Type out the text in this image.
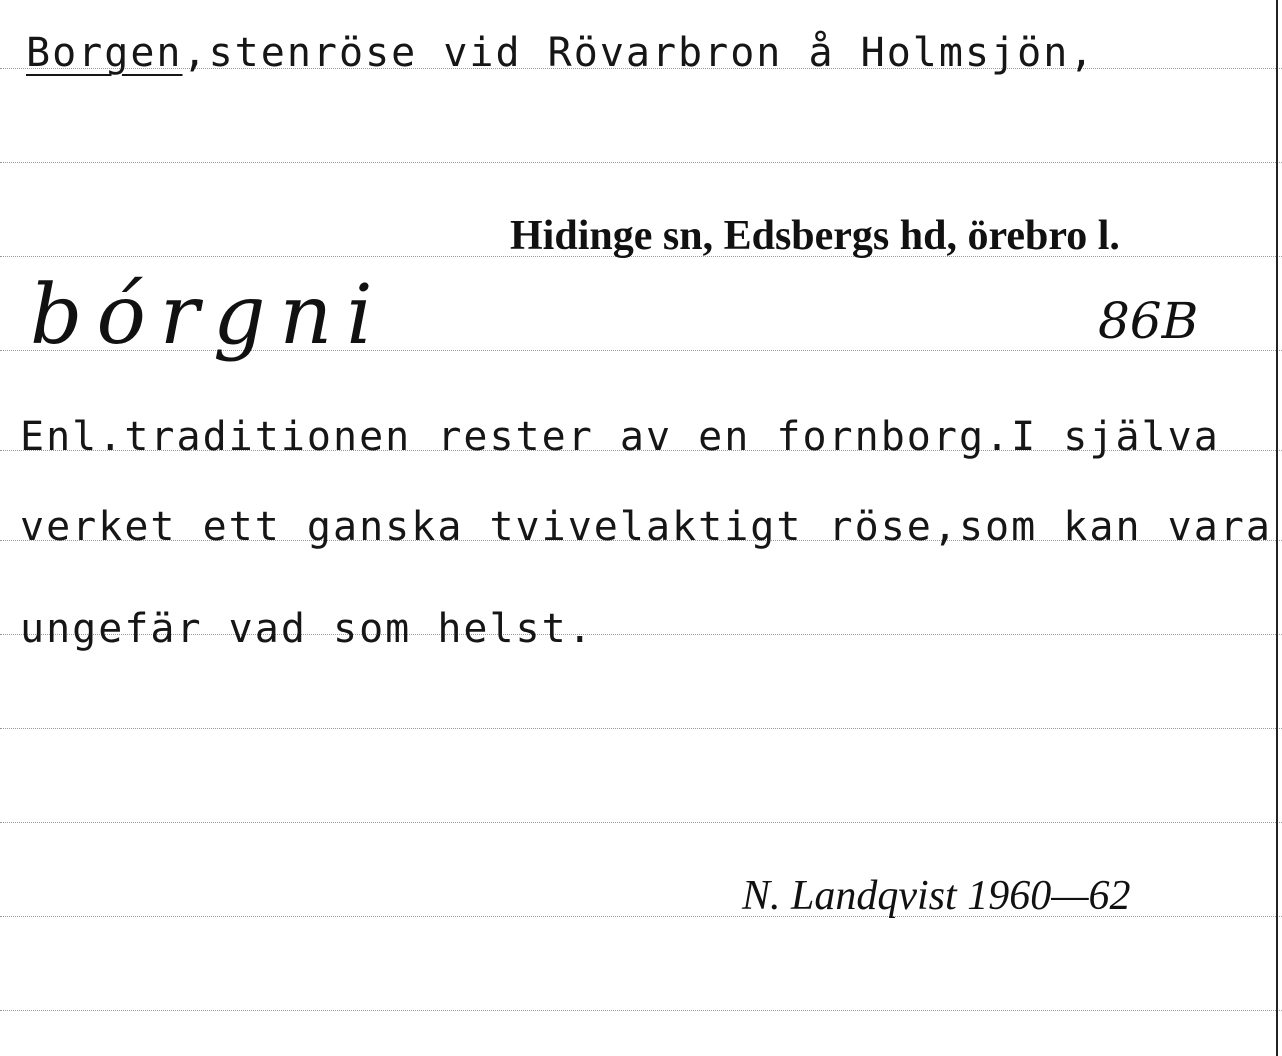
Borgen,stenröse vid Rövarbron å Holmsjön,
Hidinge sn, Edsbergs hd, örebro l.
bórgni	86B
Enl.traditionen rester av en fornborg.I själva
verket ett ganska tvivelaktigt röse,som kan vara
ungefär vad som helst.
N. Landqvist 1960—62
